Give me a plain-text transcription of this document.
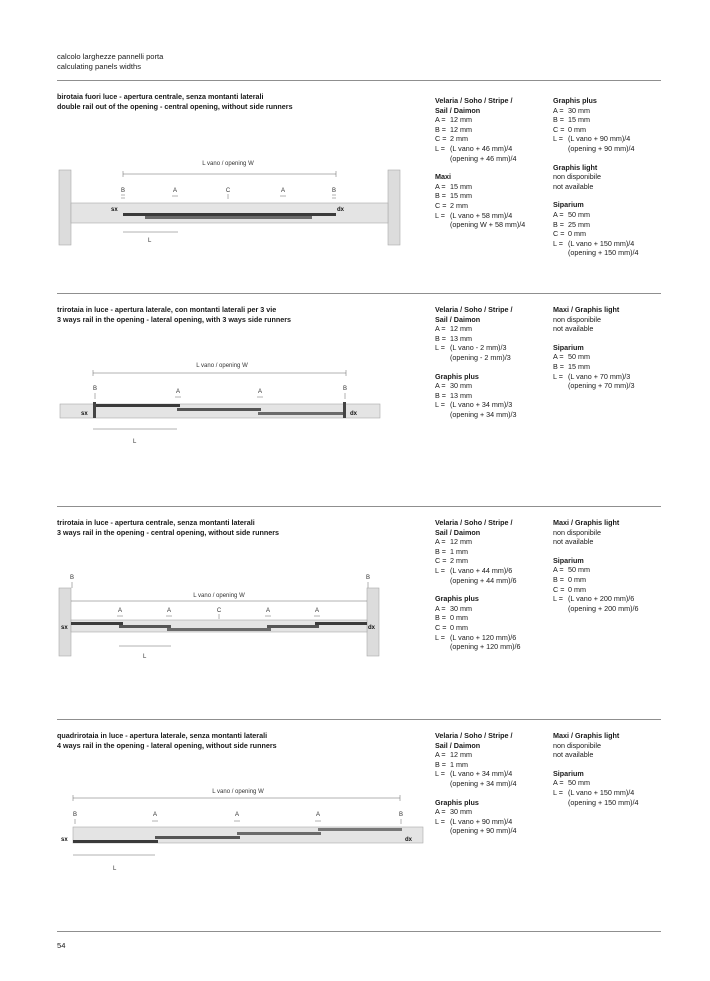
calcolo larghezze pannelli porta
calculating panels widths
birotaia fuori luce - apertura centrale, senza montanti laterali
double rail out of the opening - central opening, without side runners
Velaria / Soho / Stripe /
Sail / Daimon
A = 12 mm
B = 12 mm
C = 2 mm
L = (L vano + 46 mm)/4
(opening + 46 mm)/4
Maxi
A = 15 mm
B = 15 mm
C = 2 mm
L = (L vano + 58 mm)/4
(opening W + 58 mm)/4
Graphis plus
A = 30 mm
B = 15 mm
C = 0 mm
L = (L vano + 90 mm)/4
(opening + 90 mm)/4
Graphis light
non disponibile
not available
Siparium
A = 50 mm
B = 25 mm
C = 0 mm
L = (L vano + 150 mm)/4
(opening + 150 mm)/4
L vano / opening W
B	A	C	A	B
sx	dx
L
trirotaia in luce - apertura laterale, con montanti laterali per 3 vie
3 ways rail in the opening - lateral opening, with 3 ways side runners
Velaria / Soho / Stripe /
Sail / Daimon
A = 12 mm
B = 13 mm
L = (L vano - 2 mm)/3
(opening - 2 mm)/3
Graphis plus
A = 30 mm
B = 13 mm
L = (L vano + 34 mm)/3
(opening + 34 mm)/3
Maxi / Graphis light
non disponibile
not available
Siparium
A = 50 mm
B = 15 mm
L = (L vano + 70 mm)/3
(opening + 70 mm)/3
L vano / opening W
B	A	A	B
sx	dx
L
trirotaia in luce - apertura centrale, senza montanti laterali
3 ways rail in the opening - central opening, without side runners
Velaria / Soho / Stripe /
Sail / Daimon
A = 12 mm
B = 1 mm
C = 2 mm
L = (L vano + 44 mm)/6
(opening + 44 mm)/6
Graphis plus
A = 30 mm
B = 0 mm
C = 0 mm
L = (L vano + 120 mm)/6
(opening + 120 mm)/6
Maxi / Graphis light
non disponibile
not available
Siparium
A = 50 mm
B = 0 mm
C = 0 mm
L = (L vano + 200 mm)/6
(opening + 200 mm)/6
B	B
L vano / opening W
A	A	C	A	A
sx	dx
L
quadrirotaia in luce - apertura laterale, senza montanti laterali
4 ways rail in the opening - lateral opening, without side runners
Velaria / Soho / Stripe /
Sail / Daimon
A = 12 mm
B = 1 mm
L = (L vano + 34 mm)/4
(opening + 34 mm)/4
Graphis plus
A = 30 mm
L = (L vano + 90 mm)/4
(opening + 90 mm)/4
Maxi / Graphis light
non disponibile
not available
Siparium
A = 50 mm
L = (L vano + 150 mm)/4
(opening + 150 mm)/4
L vano / opening W
B	A	A	A	B
sx	dx
L
54
